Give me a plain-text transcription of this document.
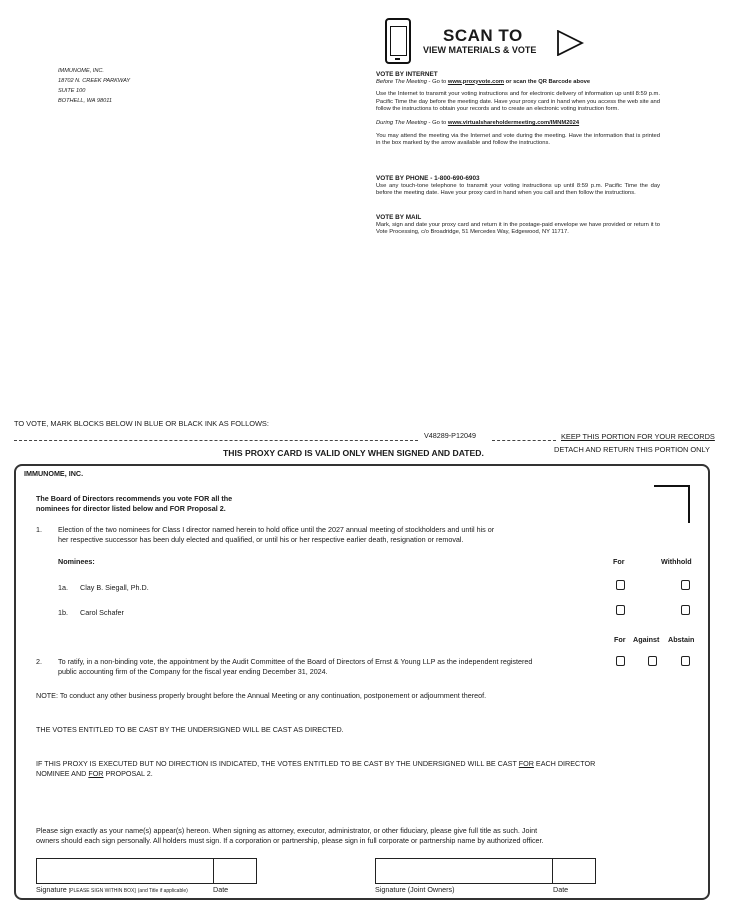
IMMUNOME, INC.
18702 N. CREEK PARKWAY
SUITE 100
BOTHELL, WA 98011
SCAN TO
VIEW MATERIALS & VOTE
VOTE BY INTERNET
Before The Meeting - Go to www.proxyvote.com or scan the QR Barcode above
Use the Internet to transmit your voting instructions and for electronic delivery of information up until 8:59 p.m. Pacific Time the day before the meeting date. Have your proxy card in hand when you access the web site and follow the instructions to obtain your records and to create an electronic voting instruction form.
During The Meeting - Go to www.virtualshareholdermeeting.com/IMNM2024
You may attend the meeting via the Internet and vote during the meeting. Have the information that is printed in the box marked by the arrow available and follow the instructions.
VOTE BY PHONE - 1-800-690-6903
Use any touch-tone telephone to transmit your voting instructions up until 8:59 p.m. Pacific Time the day before the meeting date. Have your proxy card in hand when you call and then follow the instructions.
VOTE BY MAIL
Mark, sign and date your proxy card and return it in the postage-paid envelope we have provided or return it to Vote Processing, c/o Broadridge, 51 Mercedes Way, Edgewood, NY 11717.
TO VOTE, MARK BLOCKS BELOW IN BLUE OR BLACK INK AS FOLLOWS:
V48289-P12049	KEEP THIS PORTION FOR YOUR RECORDS
THIS PROXY CARD IS VALID ONLY WHEN SIGNED AND DATED.	DETACH AND RETURN THIS PORTION ONLY
IMMUNOME, INC.
The Board of Directors recommends you vote FOR all the
nominees for director listed below and FOR Proposal 2.
1. Election of the two nominees for Class I director named herein to hold office until the 2027 annual meeting of stockholders and until his or
her respective successor has been duly elected and qualified, or until his or her respective earlier death, resignation or removal.
Nominees:	For	Withhold
1a. Clay B. Siegall, Ph.D.
1b. Carol Schafer
For Against Abstain
2. To ratify, in a non-binding vote, the appointment by the Audit Committee of the Board of Directors of Ernst & Young LLP as the independent registered
public accounting firm of the Company for the fiscal year ending December 31, 2024.
NOTE: To conduct any other business properly brought before the Annual Meeting or any continuation, postponement or adjournment thereof.
THE VOTES ENTITLED TO BE CAST BY THE UNDERSIGNED WILL BE CAST AS DIRECTED.
IF THIS PROXY IS EXECUTED BUT NO DIRECTION IS INDICATED, THE VOTES ENTITLED TO BE CAST BY THE UNDERSIGNED WILL BE CAST FOR EACH DIRECTOR
NOMINEE AND FOR PROPOSAL 2.
Please sign exactly as your name(s) appear(s) hereon. When signing as attorney, executor, administrator, or other fiduciary, please give full title as such. Joint
owners should each sign personally. All holders must sign. If a corporation or partnership, please sign in full corporate or partnership name by authorized officer.
Signature [PLEASE SIGN WITHIN BOX] (and Title if applicable)	Date	Signature (Joint Owners)	Date
